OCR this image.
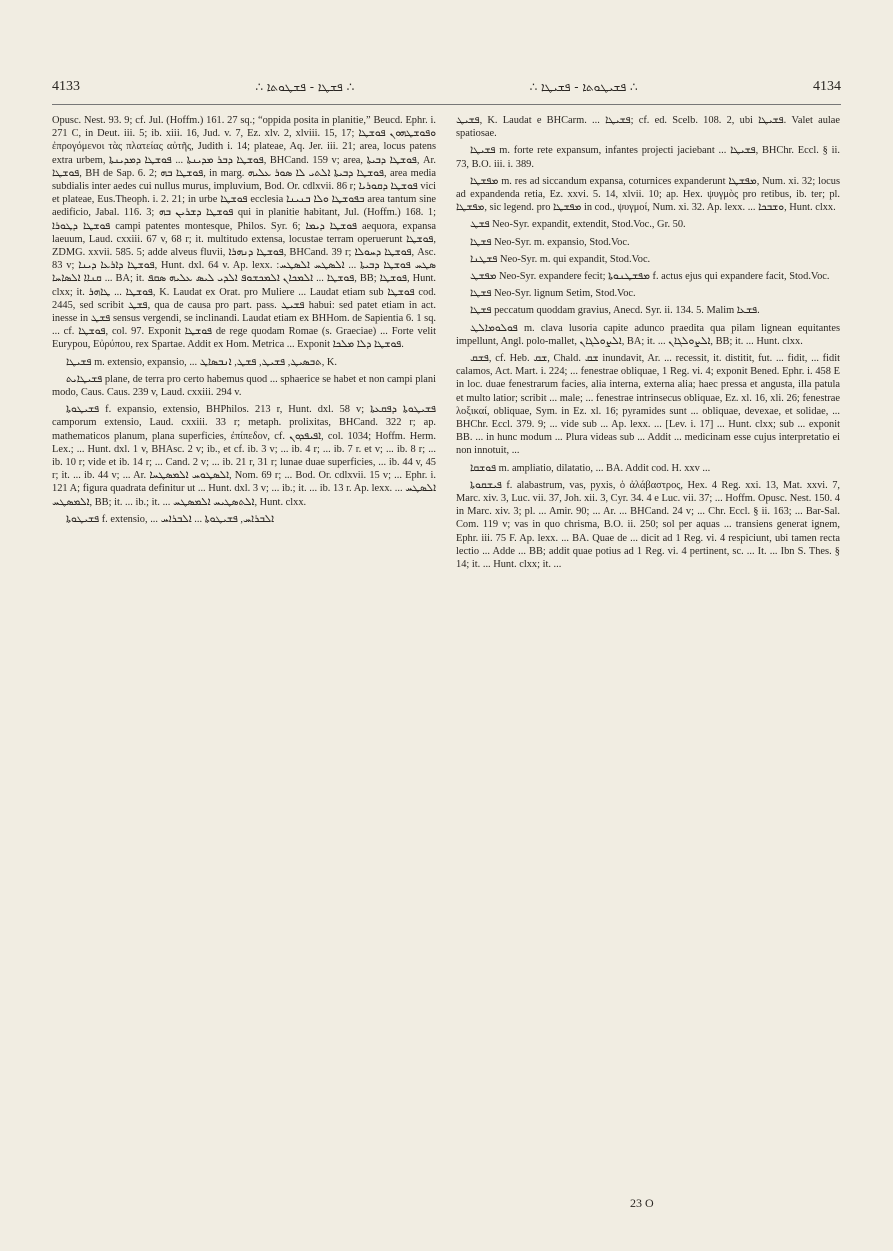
4133	∴ ܦܫܛܐ - ܦܫܛܘܬܐ ∴	∴ ܦܫܝܛܘܬܐ - ܦܫܝܛܐ ∴	4134

Opusc. Nest. 93. 9; cf. Jul. (Hoffm.) 161. 27 sq.; “oppida posita in planitie,” Beucd. Ephr. i. 271 C, in Deut. iii. 5; ib. xiii. 16, Jud. v. 7, Ez. xlv. 2, xlviii. 15, 17; ܘܦܘܫܛܗܘܢ ܦܘܫܛܐ ἐπρογόμενοι τὰς πλατείας αὐτῆς, Judith i. 14; plateae, Aq. Jer. iii. 21; area, locus patens extra urbem, ܦܘܫܛܐ ܕܒܪ ܡܕܝܢܬܐ ... ܦܘܫܛܐ ܕܡܕܝܢܬܐ, BHCand. 159 v; area, ܦܘܫܛܐ ܕܒܝܬܐ, Ar. ܦܘܫܛܐ, BH de Sap. 6. 2; ܦܘܫܛܐ ܒܗ, in marg. ܦܘܫܛܐ ܕܒܝܬܐ ܐܠܬܝ ܠܐ ܣܘܪ ܥܠܝܗ, area media subdialis inter aedes cui nullus murus, impluvium, Bod. Or. cdlxvii. 86 r; ܦܘܫܛܐ ܕܩܘܪܝܐ vici et plateae, Eus.Theoph. i. 2. 21; in urbe ܦܘܫܛܐ ecclesia ܒܦܘܫܛܐ ܘܠܐ ܒܢܝܢܐ area tantum sine aedificio, Jabal. 116. 3; ܦܘܫܛܐ ܕܫܪܝܢ ܒܗ qui in planitie habitant, Jul. (Hoffm.) 168. 1; ܦܘܫܛܐ ܕܛܘܪܐ campi patentes montesque, Philos. Syr. 6; ܦܘܫܛܐ ܕܝܡܐ aequora, expansa laeuum, Laud. cxxiii. 67 v, 68 r; it. multitudo extensa, locustae terram operuerunt ܦܘܫܛܐ, ZDMG. xxvii. 585. 5; adde alveus fluvii, ܦܘܫܛܐ ܕܢܗܪܐ, BHCand. 39 r; ܦܘܫܛܐ ܕܚܘܠܐ, Asc. 83 v; ܦܘܫܛܐ ܕܐܪܥܐ ܕܝܢܐ, Hunt. dxl. 64 v. Ap. lexx. ܣܛܚ ܦܘܫܛܐ ܕܒܝܬܐ ... ܐܠܣܛܚ ܐܠܣܛܚ: ܩܢܐܐ ܐܠܣܐܚܐ ... BA; it. ܦܘܫܛܐ ... ܐܠܡܟܐܢ ܐܠܡܟܫܘܦ ܐܠܕܝ ܠܝܣ ܥܠܝܗ ܣܩܦ, BB; ܦܘܫܛܐ, Hunt. clxx; it. ܦܘܫܛܐ ... ܛܐܗܪ, K. Laudat ex Orat. pro Muliere ... Laudat etiam sub ܦܘܫܛܐ cod. 2445, sed scribit ܦܫܛ, qua de causa pro part. pass. ܦܫܝܛ habui: sed patet etiam in act. inesse in ܦܫܛ sensus vergendi, se inclinandi. Laudat etiam ex BHHom. de Sapientia 6. 1 sq. ... cf. ܦܘܫܛܐ, col. 97. Exponit ܦܘܫܛܐ de rege quodam Romae (s. Graeciae) ... Forte velit Eurypou, Εὐρύπου, rex Spartae. Addit ex Hom. Metrica ... Exponit ܦܘܫܛܐ ܕܠܐ ܡܠܟܐ.

ܦܫܝܛܐ m. extensio, expansio, ... ܬܒܣܝܛ, ܦܫܝܛ, ܦܫܛ, ܐܢܒܣܐܛ, K.

ܦܫܝܛܐܝܬ plane, de terra pro certo habemus quod ... sphaerice se habet et non campi plani modo, Caus. Caus. 239 v, Laud. cxxiii. 294 v.

ܦܫܝܛܘܬܐ f. expansio, extensio, BHPhilos. 213 r, Hunt. dxl. 58 v; ܦܫܝܛܘܬܐ ܕܦܩܥܬܐ camporum extensio, Laud. cxxiii. 33 r; metaph. prolixitas, BHCand. 322 r; ap. mathematicos planum, plana superficies, ἐπίπεδον, cf. ܐܦܝܦܕܘܢ, col. 1034; Hoffm. Herm. Lex.; ... Hunt. dxl. 1 v, BHAsc. 2 v; ib., et cf. ib. 3 v; ... ib. 4 r; ... ib. 7 r. et v; ... ib. 8 r; ... ib. 10 r; vide et ib. 14 r; ... Cand. 2 v; ... ib. 21 r, 31 r; lunae duae superficies, ... ib. 44 v, 45 r; it. ... ib. 44 v; ... Ar. ܐܠܣܛܘܚ ܐܠܡܣܛܚܐ, Nom. 69 r; ... Bod. Or. cdlxvii. 15 v; ... Ephr. i. 121 A; figura quadrata definitur ut ... Hunt. dxl. 3 v; ... ib.; it. ... ib. 13 r. Ap. lexx. ... ܐܠܣܛܚ ܐܠܡܣܛܚ, BB; it. ... ib.; it. ... ܐܠܬܣܛܝܚ ܐܠܡܣܛܚ, Hunt. clxx.

ܦܫܝܛܘܬܐ f. extensio, ... ܐܠܒܪܐܚ, ܦܫܝܛܘܬܐ ... ܐܠܒܪܐܚ

ܦܫܝܛ, K. Laudat e BHCarm. ... ܦܫܝܛܐ; cf. ed. Scelb. 108. 2, ubi ܦܫܝܛܐ. Valet aulae spatiosae.

ܦܫܝܛܐ m. forte rete expansum, infantes projecti jaciebant ... ܦܫܝܛܐ, BHChr. Eccl. § ii. 73, B.O. iii. i. 389.

ܡܦܫܛܐ m. res ad siccandum expansa, coturnices expanderunt ܡܦܫܛܐ, Num. xi. 32; locus ad expandenda retia, Ez. xxvi. 5. 14, xlvii. 10; ap. Hex. ψυγμὸς pro retibus, ib. ter; pl. ܡܦܫܛܐ, sic legend. pro ܡܦܫܛܐ in cod., ψυγμοί, Num. xi. 32. Ap. lexx. ... ܘܫܒܟܐ, Hunt. clxx.

ܦܫܛ Neo-Syr. expandit, extendit, Stod.Voc., Gr. 50.

ܦܫܛܐ Neo-Syr. m. expansio, Stod.Voc.

ܦܫܛܢܐ Neo-Syr. m. qui expandit, Stod.Voc.

ܡܦܫܛ Neo-Syr. expandere fecit; ܡܦܫܛܢܘܬܐ f. actus ejus qui expandere facit, Stod.Voc.

ܦܫܛܐ Neo-Syr. lignum Setim, Stod.Voc.

ܦܫܛܐ peccatum quoddam gravius, Anecd. Syr. ii. 134. 5. Malim ܦܫܥܐ.

ܦܘܠܘܡܐܠܛ m. clava lusoria capite adunco praedita qua pilam lignean equitantes impellunt, Angl. polo-mallet, ܐܠܨܘܠܓܐܢ, BA; it. ... ܐܠܨܘܠܓܐܢ, BB; it. ... Hunt. clxx.

ܦܫܩ, cf. Heb. ܫܩ, Chald. ܫܩ inundavit, Ar. ... recessit, it. distitit, fut. ... fidit, ... fidit calamos, Act. Mart. i. 224; ... fenestrae obliquae, 1 Reg. vi. 4; exponit Bened. Ephr. i. 458 E in loc. duae fenestrarum facies, alia interna, externa alia; haec pressa et angusta, illa patula et multo latior; scribit ... male; ... fenestrae intrinsecus obliquae, Ez. xl. 16, xli. 26; fenestrae λοξικαί, obliquae, Sym. in Ez. xl. 16; pyramides sunt ... obliquae, devexae, et solidae, ... BHChr. Eccl. 379. 9; ... vide sub ... Ap. lexx. ... [Lev. i. 17] ... Hunt. clxx; sub ... exponit BB. ... in hunc modum ... Plura videas sub ... Addit ... medicinam esse cujus interpretatio ei non innotuit, ...

ܦܘܫܩܐ m. ampliatio, dilatatio, ... BA. Addit cod. H. xxv ...

ܦܝܫܩܘܬܐ f. alabastrum, vas, pyxis, ὁ ἀλάβαστρος, Hex. 4 Reg. xxi. 13, Mat. xxvi. 7, Marc. xiv. 3, Luc. vii. 37, Joh. xii. 3, Cyr. 34. 4 e Luc. vii. 37; ... Hoffm. Opusc. Nest. 150. 4 in Marc. xiv. 3; pl. ... Amir. 90; ... Ar. ... BHCand. 24 v; ... Chr. Eccl. § ii. 163; ... Bar-Sal. Com. 119 v; vas in quo chrisma, B.O. ii. 250; sol per aquas ... transiens generat ignem, Ephr. iii. 75 F. Ap. lexx. ... BA. Quae de ... dicit ad 1 Reg. vi. 4 respiciunt, ubi tamen recta lectio ... Adde ... BB; addit quae potius ad 1 Reg. vi. 4 pertinent, sc. ... It. ... Ibn S. Thes. § 14; it. ... Hunt. clxx; it. ...

23 O
